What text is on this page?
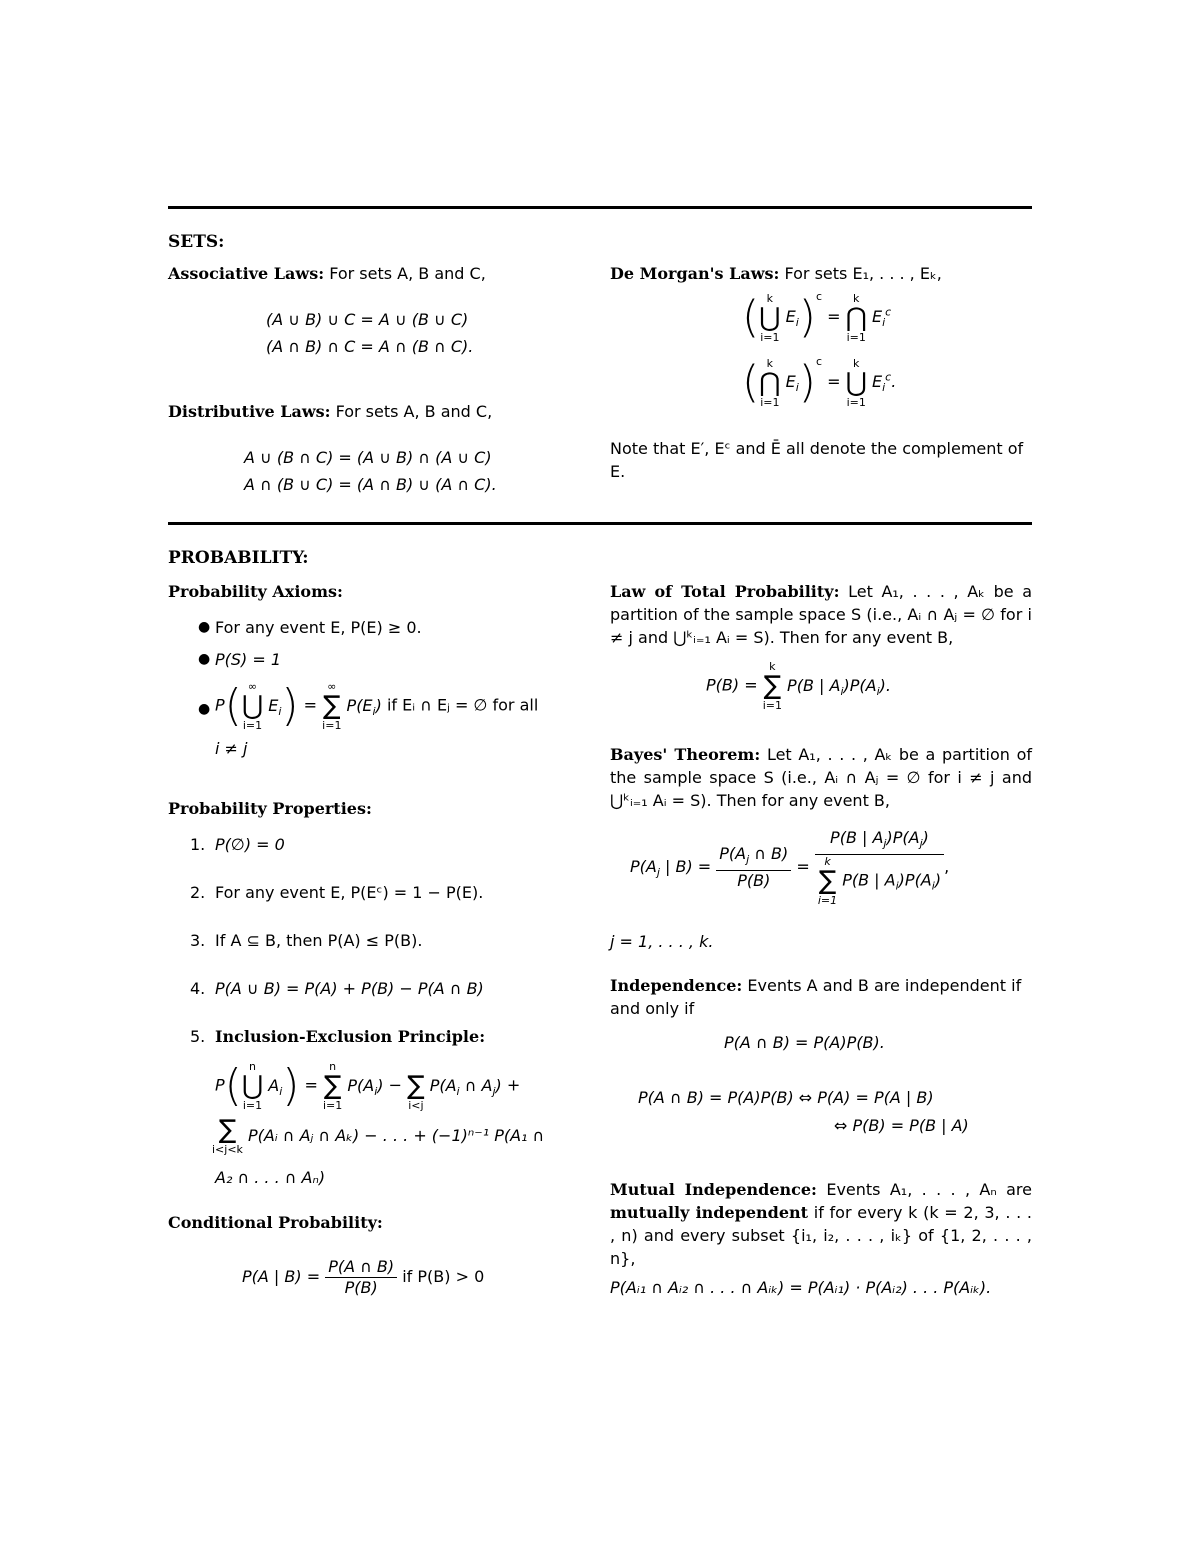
SETS:
Associative Laws: For sets A, B and C,
(A ∪ B) ∪ C = A ∪ (B ∪ C)
(A ∩ B) ∩ C = A ∩ (B ∩ C).
Distributive Laws: For sets A, B and C,
A ∪ (B ∩ C) = (A ∪ B) ∩ (A ∪ C)
A ∩ (B ∪ C) = (A ∩ B) ∪ (A ∩ C).
De Morgan's Laws: For sets E₁, . . . , Eₖ,
( k
⋃
i=1
$E_i)^c$ =
k
⋂
i=1
$E_i^c$
( k
⋂
i=1
$E_i)^c$ =
k
⋃
i=1
$E_i^c$.
Note that E′, Eᶜ and Ē all denote the complement of E.
PROBABILITY:
Probability Axioms:
● For any event E, P(E) ≥ 0.
● P(S) = 1
● P( ∞
⋃
i=1
$E_i$) =
∞
∑
i=1
$P(E_i)$ if Eᵢ ∩ Eⱼ = ∅ for all
i ≠ j
Probability Properties:
1. P(∅) = 0
2. For any event E, P(Eᶜ) = 1 − P(E).
3. If A ⊆ B, then P(A) ≤ P(B).
4. P(A ∪ B) = P(A) + P(B) − P(A ∩ B)
5. Inclusion-Exclusion Principle:
P( n
⋃
i=1
$A_i$) =
n
∑
i=1
$P(A_i)$ −

∑
i<j
$P(A_i$ ∩ $A_j$) +
∑
i<j<k
P(Aᵢ ∩ Aⱼ ∩ Aₖ) − . . . + (−1)ⁿ⁻¹ P(A₁ ∩
A₂ ∩ . . . ∩ Aₙ)
Conditional Probability:
P(A | $B) = \frac{P(A \cap B)}{P(B)}$ if P(B) > 0
Law of Total Probability: Let A₁, . . . , Aₖ be a partition of the sample space S (i.e., Aᵢ ∩ Aⱼ = ∅ for i ≠ j and ⋃ᵏᵢ₌₁ Aᵢ = S). Then for any event B,
P(B) =
k
∑
i=1
P(B | $A_i)P(A_i)$.
Bayes' Theorem: Let A₁, . . . , Aₖ be a partition of the sample space S (i.e., Aᵢ ∩ Aⱼ = ∅ for i ≠ j and ⋃ᵏᵢ₌₁ Aᵢ = S). Then for any event B,
$P(A_j$ | $B) = \frac{P(A_j \cap B)}{P(B)} = P(B$ | $A_j)P(A_j)$
k
∑
i=1
P(B | $A_i)P(A_i)$ ,
j = 1, . . . , k.
Independence: Events A and B are independent if and only if
P(A ∩ B) = P(A)P(B).
P(A ∩ B) = P(A)P(B) ⇔ P(A) = P(A | B)
⇔ P(B) = P(B | A)
Mutual Independence: Events A₁, . . . , Aₙ are mutually independent if for every k (k = 2, 3, . . . , n) and every subset {i₁, i₂, . . . , iₖ} of {1, 2, . . . , n},
P(Aᵢ₁ ∩ Aᵢ₂ ∩ . . . ∩ Aᵢₖ) = P(Aᵢ₁) · P(Aᵢ₂) . . . P(Aᵢₖ).
